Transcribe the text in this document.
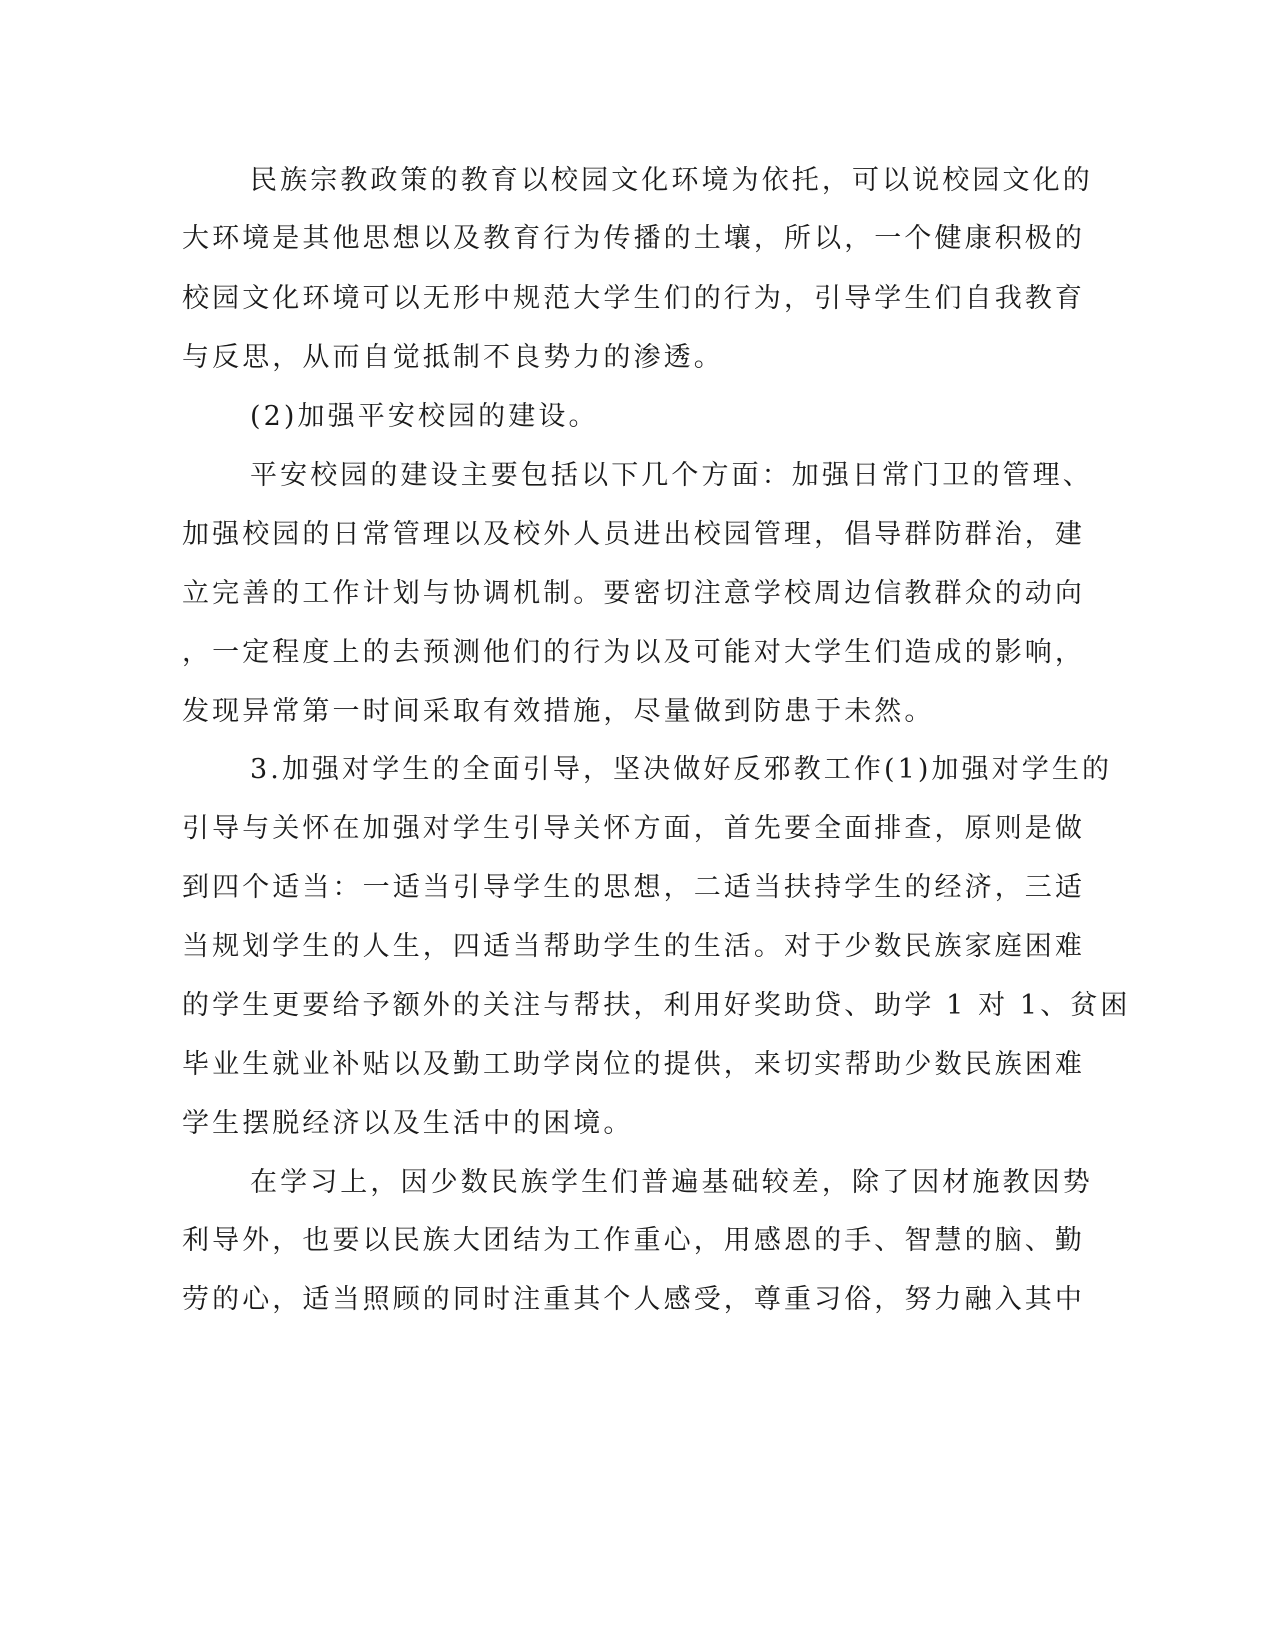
民族宗教政策的教育以校园文化环境为依托，可以说校园文化的
大环境是其他思想以及教育行为传播的土壤，所以，一个健康积极的
校园文化环境可以无形中规范大学生们的行为，引导学生们自我教育
与反思，从而自觉抵制不良势力的渗透。
(2)加强平安校园的建设。
平安校园的建设主要包括以下几个方面：加强日常门卫的管理、
加强校园的日常管理以及校外人员进出校园管理，倡导群防群治，建
立完善的工作计划与协调机制。要密切注意学校周边信教群众的动向
，一定程度上的去预测他们的行为以及可能对大学生们造成的影响，
发现异常第一时间采取有效措施，尽量做到防患于未然。
3.加强对学生的全面引导，坚决做好反邪教工作(1)加强对学生的
引导与关怀在加强对学生引导关怀方面，首先要全面排查，原则是做
到四个适当：一适当引导学生的思想，二适当扶持学生的经济，三适
当规划学生的人生，四适当帮助学生的生活。对于少数民族家庭困难
的学生更要给予额外的关注与帮扶，利用好奖助贷、助学 1 对 1、贫困
毕业生就业补贴以及勤工助学岗位的提供，来切实帮助少数民族困难
学生摆脱经济以及生活中的困境。
在学习上，因少数民族学生们普遍基础较差，除了因材施教因势
利导外，也要以民族大团结为工作重心，用感恩的手、智慧的脑、勤
劳的心，适当照顾的同时注重其个人感受，尊重习俗，努力融入其中
